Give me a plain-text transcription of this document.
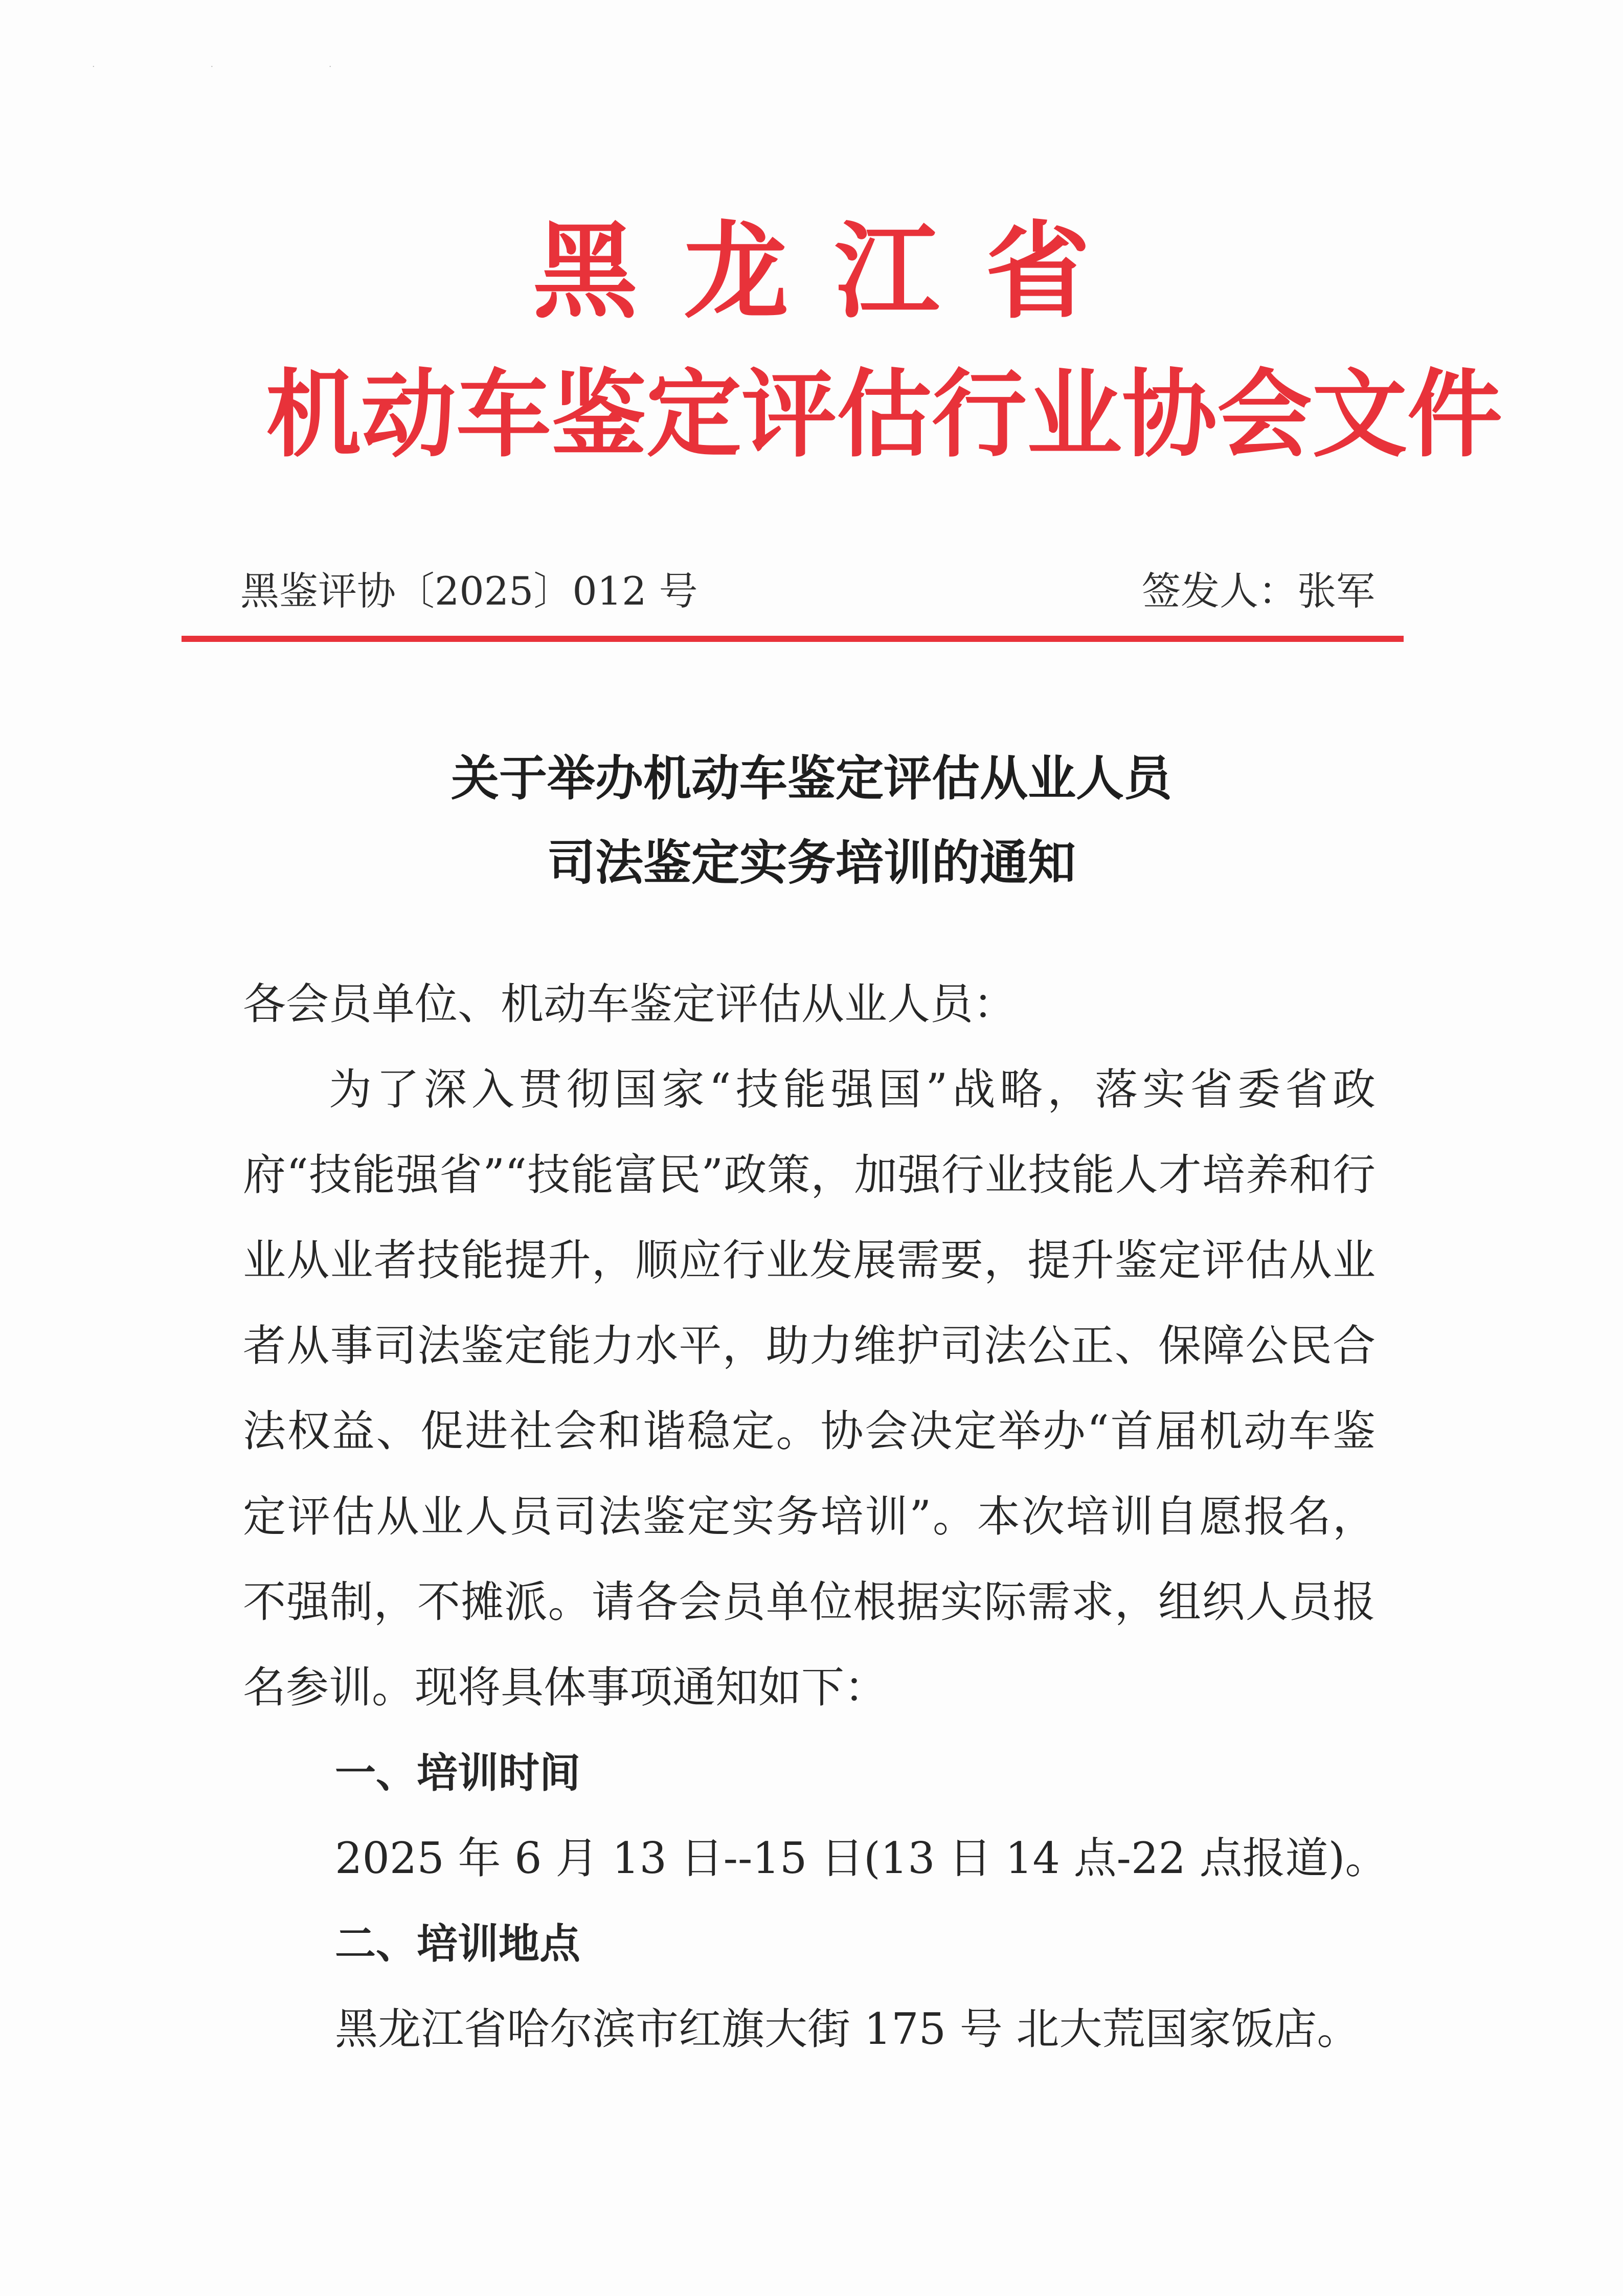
· · ·
黑龙江省
机动车鉴定评估行业协会文件
黑鉴评协〔2025〕012 号	签发人：张军
关于举办机动车鉴定评估从业人员
司法鉴定实务培训的通知
各会员单位、机动车鉴定评估从业人员：
为了深入贯彻国家“技能强国”战略，落实省委省政府“技能强省”“技能富民”政策，加强行业技能人才培养和行业从业者技能提升，顺应行业发展需要，提升鉴定评估从业者从事司法鉴定能力水平，助力维护司法公正、保障公民合法权益、促进社会和谐稳定。协会决定举办“首届机动车鉴定评估从业人员司法鉴定实务培训”。本次培训自愿报名，不强制，不摊派。请各会员单位根据实际需求，组织人员报名参训。现将具体事项通知如下：
一、培训时间
2025 年 6 月 13 日--15 日(13 日 14 点-22 点报道)。
二、培训地点
黑龙江省哈尔滨市红旗大街 175 号 北大荒国家饭店。
